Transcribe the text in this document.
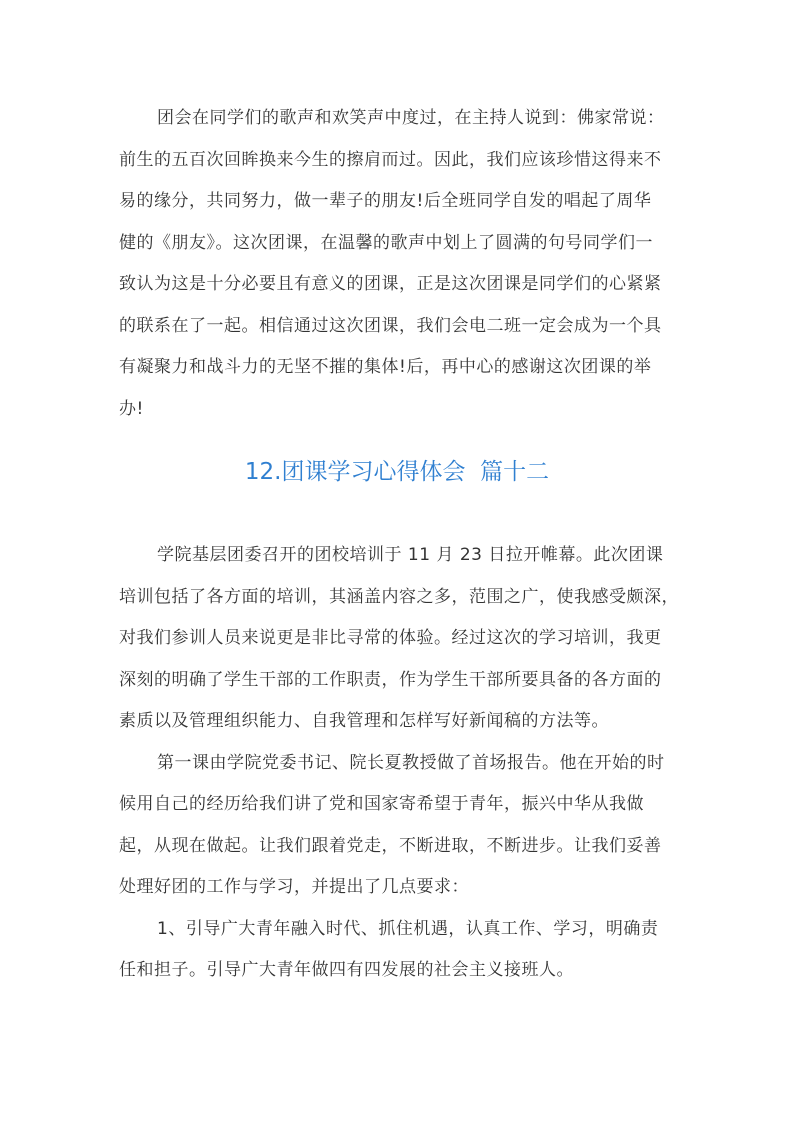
团会在同学们的歌声和欢笑声中度过，在主持人说到：佛家常说：
前生的五百次回眸换来今生的擦肩而过。因此，我们应该珍惜这得来不
易的缘分，共同努力，做一辈子的朋友!后全班同学自发的唱起了周华
健的《朋友》。这次团课，在温馨的歌声中划上了圆满的句号同学们一
致认为这是十分必要且有意义的团课，正是这次团课是同学们的心紧紧
的联系在了一起。相信通过这次团课，我们会电二班一定会成为一个具
有凝聚力和战斗力的无坚不摧的集体!后，再中心的感谢这次团课的举
办!
12.团课学习心得体会  篇十二
学院基层团委召开的团校培训于 11 月 23 日拉开帷幕。此次团课
培训包括了各方面的培训，其涵盖内容之多，范围之广，使我感受颇深，
对我们参训人员来说更是非比寻常的体验。经过这次的学习培训，我更
深刻的明确了学生干部的工作职责，作为学生干部所要具备的各方面的
素质以及管理组织能力、自我管理和怎样写好新闻稿的方法等。
第一课由学院党委书记、院长夏教授做了首场报告。他在开始的时
候用自己的经历给我们讲了党和国家寄希望于青年，振兴中华从我做
起，从现在做起。让我们跟着党走，不断进取，不断进步。让我们妥善
处理好团的工作与学习，并提出了几点要求：
1、引导广大青年融入时代、抓住机遇，认真工作、学习，明确责
任和担子。引导广大青年做四有四发展的社会主义接班人。
